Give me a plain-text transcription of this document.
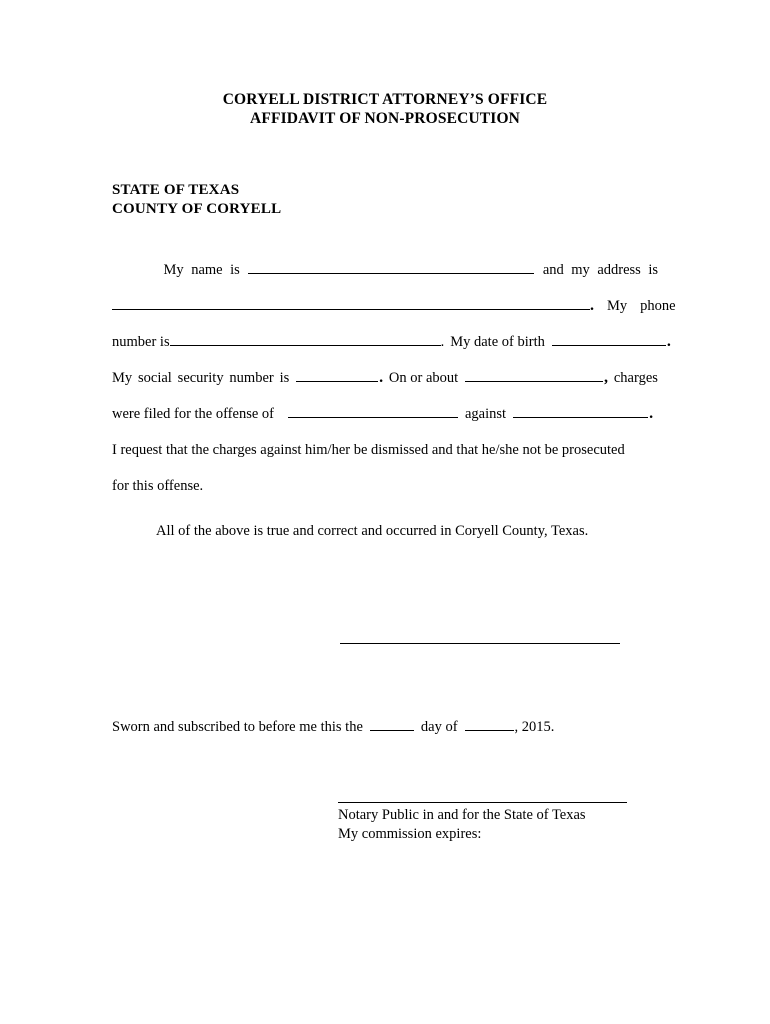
CORYELL DISTRICT ATTORNEY’S OFFICE
AFFIDAVIT OF NON-PROSECUTION
STATE OF TEXAS
COUNTY OF CORYELL
My name is	and my address is
. My phone
number is	. My date of birth	.
My social security number is	. On or about	, charges
were filed for the offense of	against	.
I request that the charges against him/her be dismissed and that he/she not be prosecuted
for this offense.
All of the above is true and correct and occurred in Coryell County, Texas.
Sworn and subscribed to before me this the	day of	, 2015.
Notary Public in and for the State of Texas
My commission expires:
